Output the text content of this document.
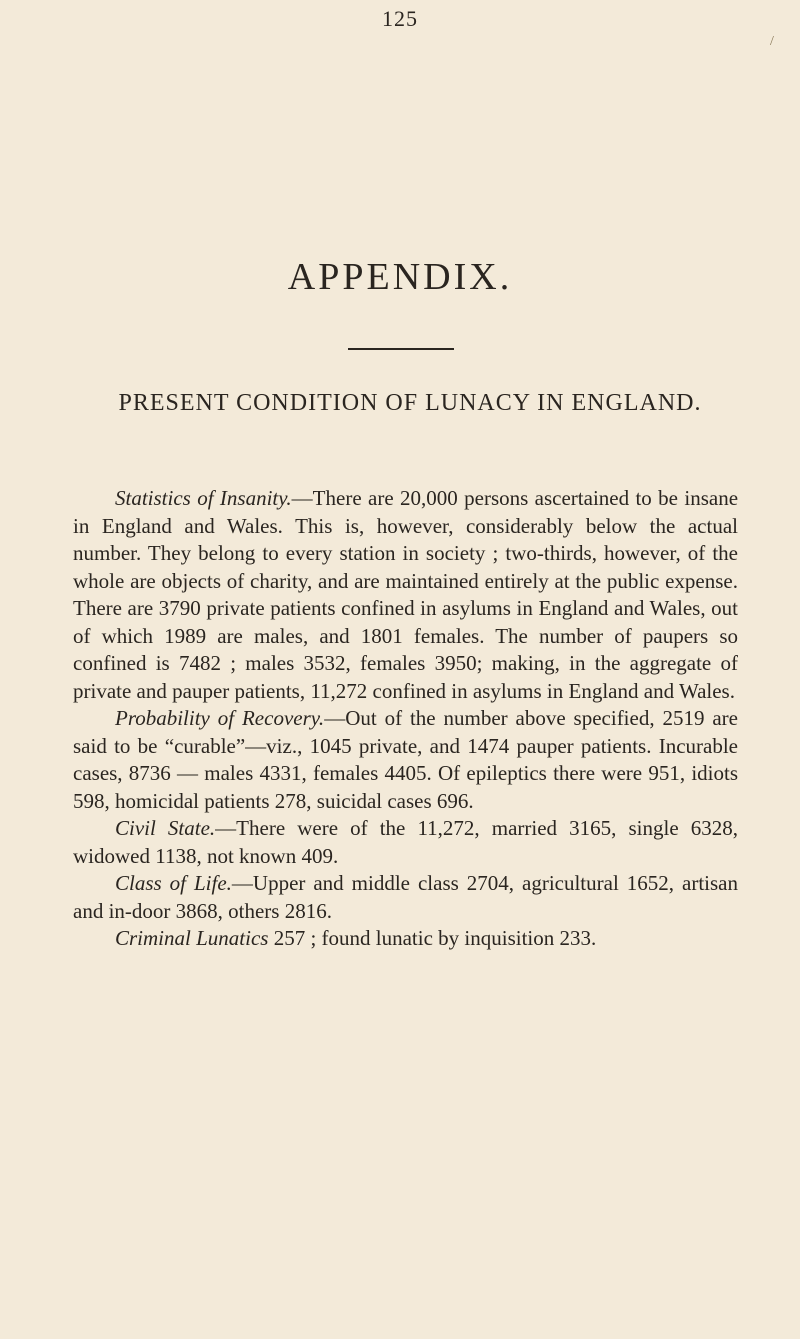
125
/
APPENDIX.
PRESENT CONDITION OF LUNACY IN ENGLAND.

Statistics of Insanity.—There are 20,000 persons ascertained to be insane in England and Wales. This is, however, considerably below the actual number. They belong to every station in society ; two-thirds, however, of the whole are objects of charity, and are maintained entirely at the public expense. There are 3790 private patients confined in asylums in England and Wales, out of which 1989 are males, and 1801 females. The number of paupers so confined is 7482 ; males 3532, females 3950; making, in the aggregate of private and pauper patients, 11,272 confined in asylums in England and Wales.

Probability of Recovery.—Out of the number above specified, 2519 are said to be “curable”—viz., 1045 private, and 1474 pauper patients. Incurable cases, 8736 — males 4331, females 4405. Of epileptics there were 951, idiots 598, homicidal patients 278, suicidal cases 696.

Civil State.—There were of the 11,272, married 3165, single 6328, widowed 1138, not known 409.

Class of Life.—Upper and middle class 2704, agricultural 1652, artisan and in-door 3868, others 2816.

Criminal Lunatics 257 ; found lunatic by inquisition 233.
